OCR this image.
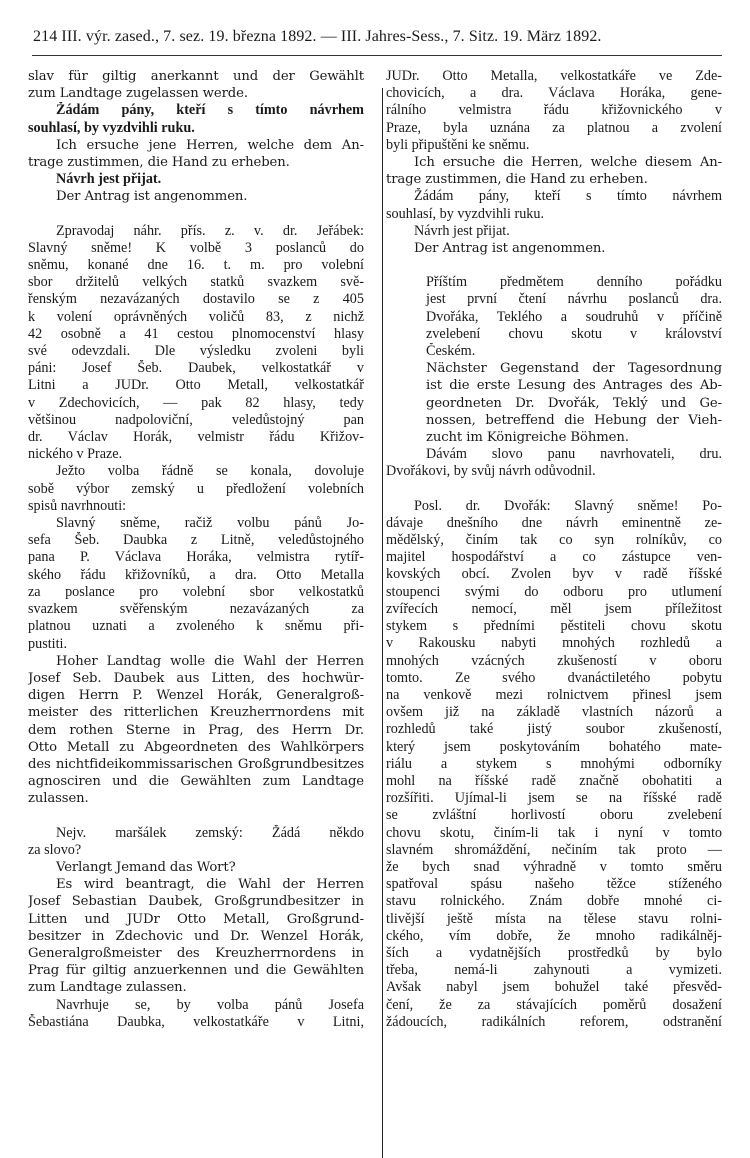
214 III. výr. zased., 7. sez. 19. března 1892. — III. Jahres-Sess., 7. Sitz. 19. März 1892.
slav für giltig anerkannt und der Gewählt
zum Landtage zugelassen werde.
Žádám pány, kteří s tímto návrhem
souhlasí, by vyzdvihli ruku.
Ich ersuche jene Herren, welche dem An-
trage zustimmen, die Hand zu erheben.
Návrh jest přijat.
Der Antrag ist angenommen.
Zpravodaj náhr. přís. z. v. dr. Jeřábek:
Slavný sněme! K volbě 3 poslanců do
sněmu, konané dne 16. t. m. pro volební
sbor držitelů velkých statků svazkem svě-
řenským nezavázaných dostavilo se z 405
k volení oprávněných voličů 83, z nichž
42 osobně a 41 cestou plnomocenství hlasy
své odevzdali. Dle výsledku zvoleni byli
páni: Josef Šeb. Daubek, velkostatkář v
Litni a JUDr. Otto Metall, velkostatkář
v Zdechovicích, — pak 82 hlasy, tedy
většinou nadpoloviční, veledůstojný pan
dr. Václav Horák, velmistr řádu Křižov-
nického v Praze.
Ježto volba řádně se konala, dovoluje
sobě výbor zemský u předložení volebních
spisů navrhnouti:
Slavný sněme, račiž volbu pánů Jo-
sefa Šeb. Daubka z Litně, veledůstojného
pana P. Václava Horáka, velmistra rytíř-
ského řádu křižovníků, a dra. Otto Metalla
za poslance pro volební sbor velkostatků
svazkem svěřenským nezavázaných za
platnou uznati a zvoleného k sněmu při-
pustiti.
Hoher Landtag wolle die Wahl der Herren
Josef Seb. Daubek aus Litten, des hochwür-
digen Herrn P. Wenzel Horák, Generalgroß-
meister des ritterlichen Kreuzherrnordens mit
dem rothen Sterne in Prag, des Herrn Dr.
Otto Metall zu Abgeordneten des Wahlkörpers
des nichtfideikommissarischen Großgrundbesitzes
agnosciren und die Gewählten zum Landtage
zulassen.
Nejv. maršálek zemský: Žádá někdo
za slovo?
Verlangt Jemand das Wort?
Es wird beantragt, die Wahl der Herren
Josef Sebastian Daubek, Großgrundbesitzer in
Litten und JUDr Otto Metall, Großgrund-
besitzer in Zdechovic und Dr. Wenzel Horák,
Generalgroßmeister des Kreuzherrnordens in
Prag für giltig anzuerkennen und die Gewählten
zum Landtage zulassen.
Navrhuje se, by volba pánů Josefa
Šebastiána Daubka, velkostatkáře v Litni,
JUDr. Otto Metalla, velkostatkáře ve Zde-
chovicích, a dra. Václava Horáka, gene-
rálního velmistra řádu křižovnického v
Praze, byla uznána za platnou a zvolení
byli připuštěni ke sněmu.
Ich ersuche die Herren, welche diesem An-
trage zustimmen, die Hand zu erheben.
Žádám pány, kteří s tímto návrhem
souhlasí, by vyzdvihli ruku.
Návrh jest přijat.
Der Antrag ist angenommen.
Příštím předmětem denního pořádku
jest první čtení návrhu poslanců dra.
Dvořáka, Teklého a soudruhů v příčině
zvelebení chovu skotu v království
Českém.
Nächster Gegenstand der Tagesordnung
ist die erste Lesung des Antrages des Ab-
geordneten Dr. Dvořák, Teklý und Ge-
nossen, betreffend die Hebung der Vieh-
zucht im Königreiche Böhmen.
Dávám slovo panu navrhovateli, dru.
Dvořákovi, by svůj návrh odůvodnil.
Posl. dr. Dvořák: Slavný sněme! Po-
dávaje dnešního dne návrh eminentně ze-
mědělský, činím tak co syn rolníkův, co
majitel hospodářství a co zástupce ven-
kovských obcí. Zvolen byv v radě říšské
stoupenci svými do odboru pro utlumení
zvířecích nemocí, měl jsem příležitost
stykem s předními pěstiteli chovu skotu
v Rakousku nabyti mnohých rozhledů a
mnohých vzácných zkušeností v oboru
tomto. Ze svého dvanáctiletého pobytu
na venkově mezi rolnictvem přinesl jsem
ovšem již na základě vlastních názorů a
rozhledů také jistý soubor zkušeností,
který jsem poskytováním bohatého mate-
riálu a stykem s mnohými odborníky
mohl na říšské radě značně obohatiti a
rozšířiti. Ujímal-li jsem se na říšské radě
se zvláštní horlivostí oboru zvelebení
chovu skotu, činím-li tak i nyní v tomto
slavném shromáždění, nečiním tak proto —
že bych snad výhradně v tomto směru
spatřoval spásu našeho těžce stíženého
stavu rolnického. Znám dobře mnohé ci-
tlivější ještě místa na tělese stavu rolni-
ckého, vím dobře, že mnoho radikálněj-
ších a vydatnějších prostředků by bylo
třeba, nemá-li zahynouti a vymizeti.
Avšak nabyl jsem bohužel také přesvěd-
čení, že za stávajících poměrů dosažení
žádoucích, radikálních reforem, odstranění
